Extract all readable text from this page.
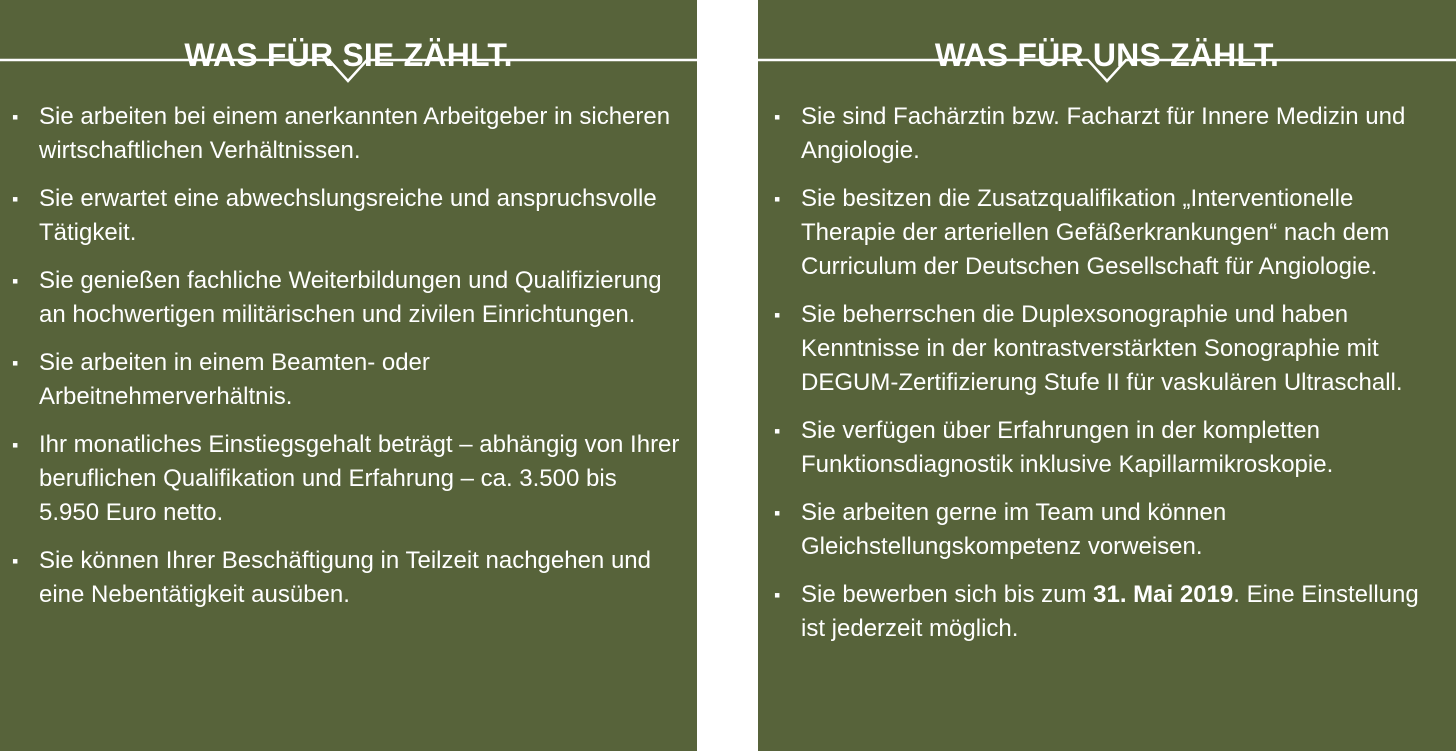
WAS FÜR SIE ZÄHLT.
▪ Sie arbeiten bei einem anerkannten Arbeitgeber in sicheren wirtschaftlichen Verhältnissen.
▪ Sie erwartet eine abwechslungsreiche und anspruchsvolle Tätigkeit.
▪ Sie genießen fachliche Weiterbildungen und Qualifizierung an hochwertigen militärischen und zivilen Einrichtungen.
▪ Sie arbeiten in einem Beamten- oder Arbeitnehmerverhältnis.
▪ Ihr monatliches Einstiegsgehalt beträgt – abhängig von Ihrer beruflichen Qualifikation und Erfahrung – ca. 3.500 bis 5.950 Euro netto.
▪ Sie können Ihrer Beschäftigung in Teilzeit nachgehen und eine Nebentätigkeit ausüben.
WAS FÜR UNS ZÄHLT.
▪ Sie sind Fachärztin bzw. Facharzt für Innere Medizin und Angiologie.
▪ Sie besitzen die Zusatzqualifikation „Interventionelle Therapie der arteriellen Gefäßerkrankungen“ nach dem Curriculum der Deutschen Gesellschaft für Angiologie.
▪ Sie beherrschen die Duplexsonographie und haben Kenntnisse in der kontrastverstärkten Sonographie mit DEGUM-Zertifizierung Stufe II für vaskulären Ultraschall.
▪ Sie verfügen über Erfahrungen in der kompletten Funktionsdiagnostik inklusive Kapillarmikroskopie.
▪ Sie arbeiten gerne im Team und können Gleichstellungskompetenz vorweisen.
▪ Sie bewerben sich bis zum 31. Mai 2019. Eine Einstellung ist jederzeit möglich.
